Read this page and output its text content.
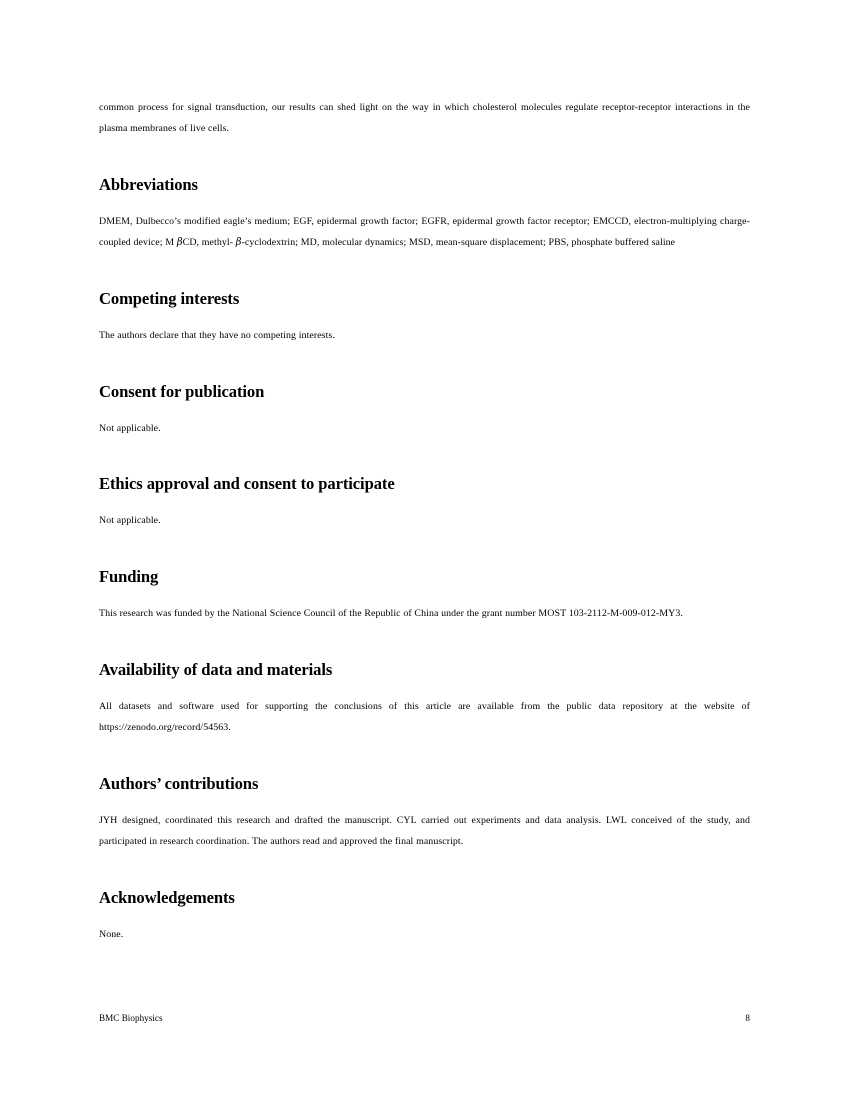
common process for signal transduction, our results can shed light on the way in which cholesterol molecules regulate receptor-receptor interactions in the plasma membranes of live cells.

Abbreviations

DMEM, Dulbecco’s modified eagle’s medium; EGF, epidermal growth factor; EGFR, epidermal growth factor receptor; EMCCD, electron-multiplying charge-coupled device; M βCD, methyl- β-cyclodextrin; MD, molecular dynamics; MSD, mean-square displacement; PBS, phosphate buffered saline

Competing interests

The authors declare that they have no competing interests.

Consent for publication

Not applicable.

Ethics approval and consent to participate

Not applicable.

Funding

This research was funded by the National Science Council of the Republic of China under the grant number MOST 103-2112-M-009-012-MY3.

Availability of data and materials

All datasets and software used for supporting the conclusions of this article are available from the public data repository at the website of https://zenodo.org/record/54563.

Authors’ contributions

JYH designed, coordinated this research and drafted the manuscript. CYL carried out experiments and data analysis. LWL conceived of the study, and participated in research coordination. The authors read and approved the final manuscript.

Acknowledgements

None.

BMC Biophysics	8
